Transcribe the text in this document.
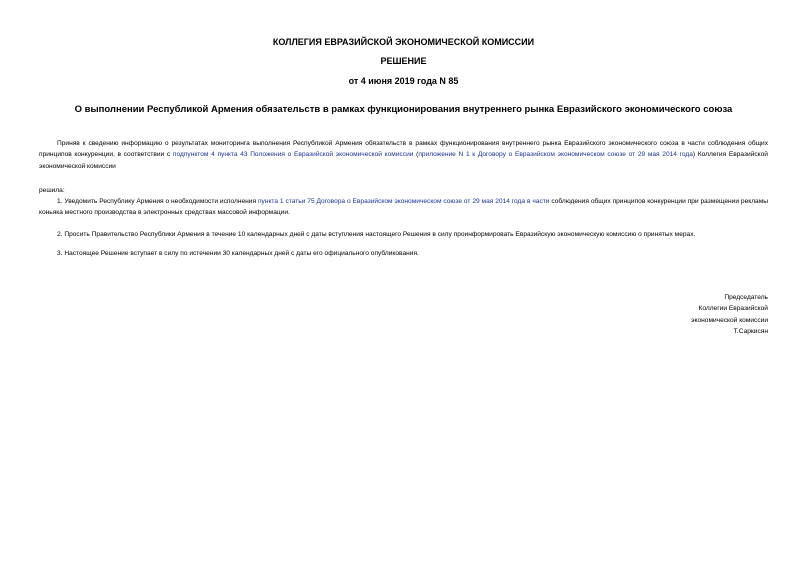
КОЛЛЕГИЯ ЕВРАЗИЙСКОЙ ЭКОНОМИЧЕСКОЙ КОМИССИИ
РЕШЕНИЕ
от 4 июня 2019 года N 85
О выполнении Республикой Армения обязательств в рамках функционирования внутреннего рынка Евразийского экономического союза
Приняв к сведению информацию о результатах мониторинга выполнения Республикой Армения обязательств в рамках функционирования внутреннего рынка Евразийского экономического союза в части соблюдения общих принципов конкуренции, в соответствии с подпунктом 4 пункта 43 Положения о Евразийской экономической комиссии (приложение N 1 к Договору о Евразийском экономическом союзе от 29 мая 2014 года) Коллегия Евразийской экономической комиссии
решила:
1. Уведомить Республику Армения о необходимости исполнения пункта 1 статьи 75 Договора о Евразийском экономическом союзе от 29 мая 2014 года в части соблюдения общих принципов конкуренции при размещении рекламы коньяка местного производства в электронных средствах массовой информации.
2. Просить Правительство Республики Армения в течение 10 календарных дней с даты вступления настоящего Решения в силу проинформировать Евразийскую экономическую комиссию о принятых мерах.
3. Настоящее Решение вступает в силу по истечении 30 календарных дней с даты его официального опубликования.
Председатель
Коллегии Евразийской
экономической комиссии
Т.Саркисян
